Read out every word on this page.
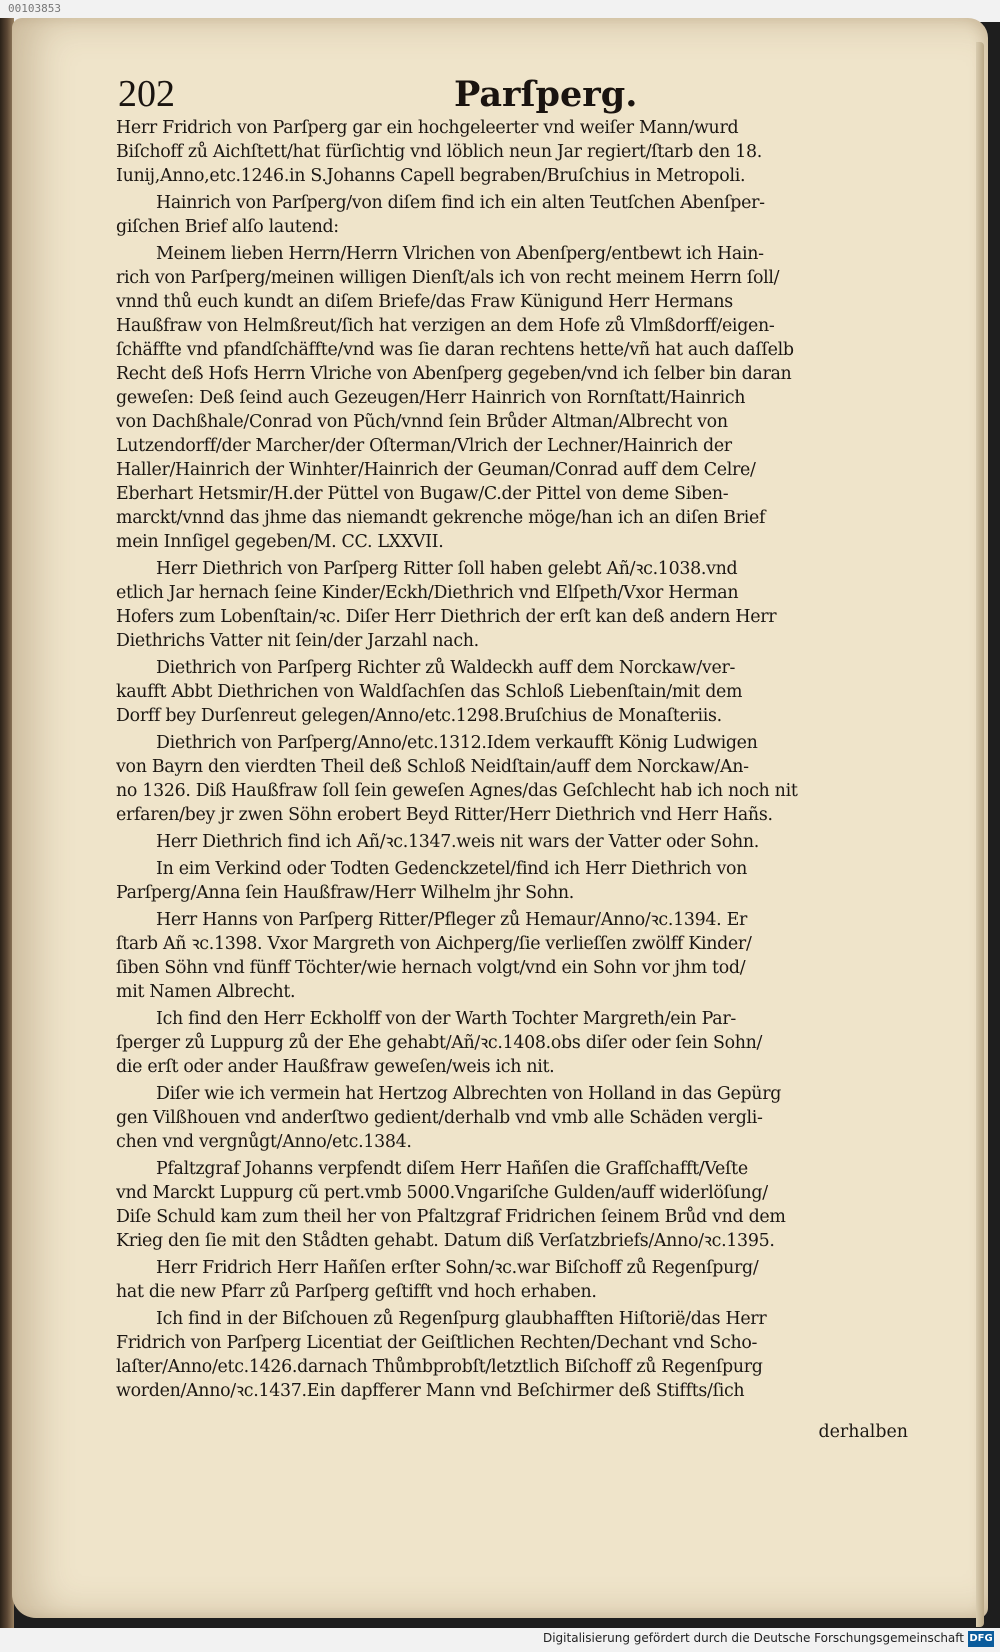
00103853
202	Parſperg.
Herr Fridrich von Parſperg gar ein hochgeleerter vnd weiſer Mann/wurd
Biſchoff zů Aichſtett/hat fürſichtig vnd löblich neun Jar regiert/ſtarb den 18.
Iunij,Anno,etc.1246.in S.Johanns Capell begraben/Bruſchius in Metropoli.
Hainrich von Parſperg/von diſem find ich ein alten Teutſchen Abenſper-
giſchen Brief alſo lautend:
Meinem lieben Herrn/Herrn Vlrichen von Abenſperg/entbewt ich Hain-
rich von Parſperg/meinen willigen Dienſt/als ich von recht meinem Herrn ſoll/
vnnd thů euch kundt an diſem Briefe/das Fraw Künigund Herr Hermans
Haußfraw von Helmßreut/ſich hat verzigen an dem Hofe zů Vlmßdorff/eigen-
ſchäffte vnd pfandſchäffte/vnd was ſie daran rechtens hette/vñ hat auch daſſelb
Recht deß Hofs Herrn Vlriche von Abenſperg gegeben/vnd ich ſelber bin daran
geweſen: Deß ſeind auch Gezeugen/Herr Hainrich von Rornſtatt/Hainrich
von Dachßhale/Conrad von Pũch/vnnd ſein Brůder Altman/Albrecht von
Lutzendorff/der Marcher/der Oſterman/Vlrich der Lechner/Hainrich der
Haller/Hainrich der Winhter/Hainrich der Geuman/Conrad auff dem Celre/
Eberhart Hetsmir/H.der Püttel von Bugaw/C.der Pittel von deme Siben-
marckt/vnnd das jhme das niemandt gekrenche möge/han ich an diſen Brief
mein Innſigel gegeben/M. CC. LXXVII.
Herr Diethrich von Parſperg Ritter ſoll haben gelebt Añ/ꝛc.1038.vnd
etlich Jar hernach ſeine Kinder/Eckh/Diethrich vnd Elſpeth/Vxor Herman
Hofers zum Lobenſtain/ꝛc. Diſer Herr Diethrich der erſt kan deß andern Herr
Diethrichs Vatter nit ſein/der Jarzahl nach.
Diethrich von Parſperg Richter zů Waldeckh auff dem Norckaw/ver-
kaufft Abbt Diethrichen von Waldſachſen das Schloß Liebenſtain/mit dem
Dorff bey Durſenreut gelegen/Anno/etc.1298.Bruſchius de Monaſteriis.
Diethrich von Parſperg/Anno/etc.1312.Idem verkaufft König Ludwigen
von Bayrn den vierdten Theil deß Schloß Neidſtain/auff dem Norckaw/An-
no 1326. Diß Haußfraw ſoll ſein geweſen Agnes/das Geſchlecht hab ich noch nit
erfaren/bey jr zwen Söhn erobert Beyd Ritter/Herr Diethrich vnd Herr Hañs.
Herr Diethrich find ich Añ/ꝛc.1347.weis nit wars der Vatter oder Sohn.
In eim Verkind oder Todten Gedenckzetel/find ich Herr Diethrich von
Parſperg/Anna ſein Haußfraw/Herr Wilhelm jhr Sohn.
Herr Hanns von Parſperg Ritter/Pfleger zů Hemaur/Anno/ꝛc.1394. Er
ſtarb Añ ꝛc.1398. Vxor Margreth von Aichperg/ſie verlieſſen zwölff Kinder/
ſiben Söhn vnd fünff Töchter/wie hernach volgt/vnd ein Sohn vor jhm tod/
mit Namen Albrecht.
Ich find den Herr Eckholff von der Warth Tochter Margreth/ein Par-
ſperger zů Luppurg zů der Ehe gehabt/Añ/ꝛc.1408.obs diſer oder ſein Sohn/
die erſt oder ander Haußfraw geweſen/weis ich nit.
Diſer wie ich vermein hat Hertzog Albrechten von Holland in das Gepürg
gen Vilßhouen vnd anderſtwo gedient/derhalb vnd vmb alle Schäden vergli-
chen vnd vergnůgt/Anno/etc.1384.
Pfaltzgraf Johanns verpfendt diſem Herr Hañſen die Grafſchafft/Veſte
vnd Marckt Luppurg cũ pert.vmb 5000.Vngariſche Gulden/auff widerlöſung/
Diſe Schuld kam zum theil her von Pfaltzgraf Fridrichen ſeinem Brůd vnd dem
Krieg den ſie mit den Stådten gehabt. Datum diß Verſatzbriefs/Anno/ꝛc.1395.
Herr Fridrich Herr Hañſen erſter Sohn/ꝛc.war Biſchoff zů Regenſpurg/
hat die new Pfarr zů Parſperg geſtifft vnd hoch erhaben.
Ich find in der Biſchouen zů Regenſpurg glaubhafften Hiſtorië/das Herr
Fridrich von Parſperg Licentiat der Geiſtlichen Rechten/Dechant vnd Scho-
laſter/Anno/etc.1426.darnach Thůmbprobſt/letztlich Biſchoff zů Regenſpurg
worden/Anno/ꝛc.1437.Ein dapfferer Mann vnd Beſchirmer deß Stiffts/ſich
derhalben
Digitalisierung gefördert durch die Deutsche Forschungsgemeinschaft DFG
